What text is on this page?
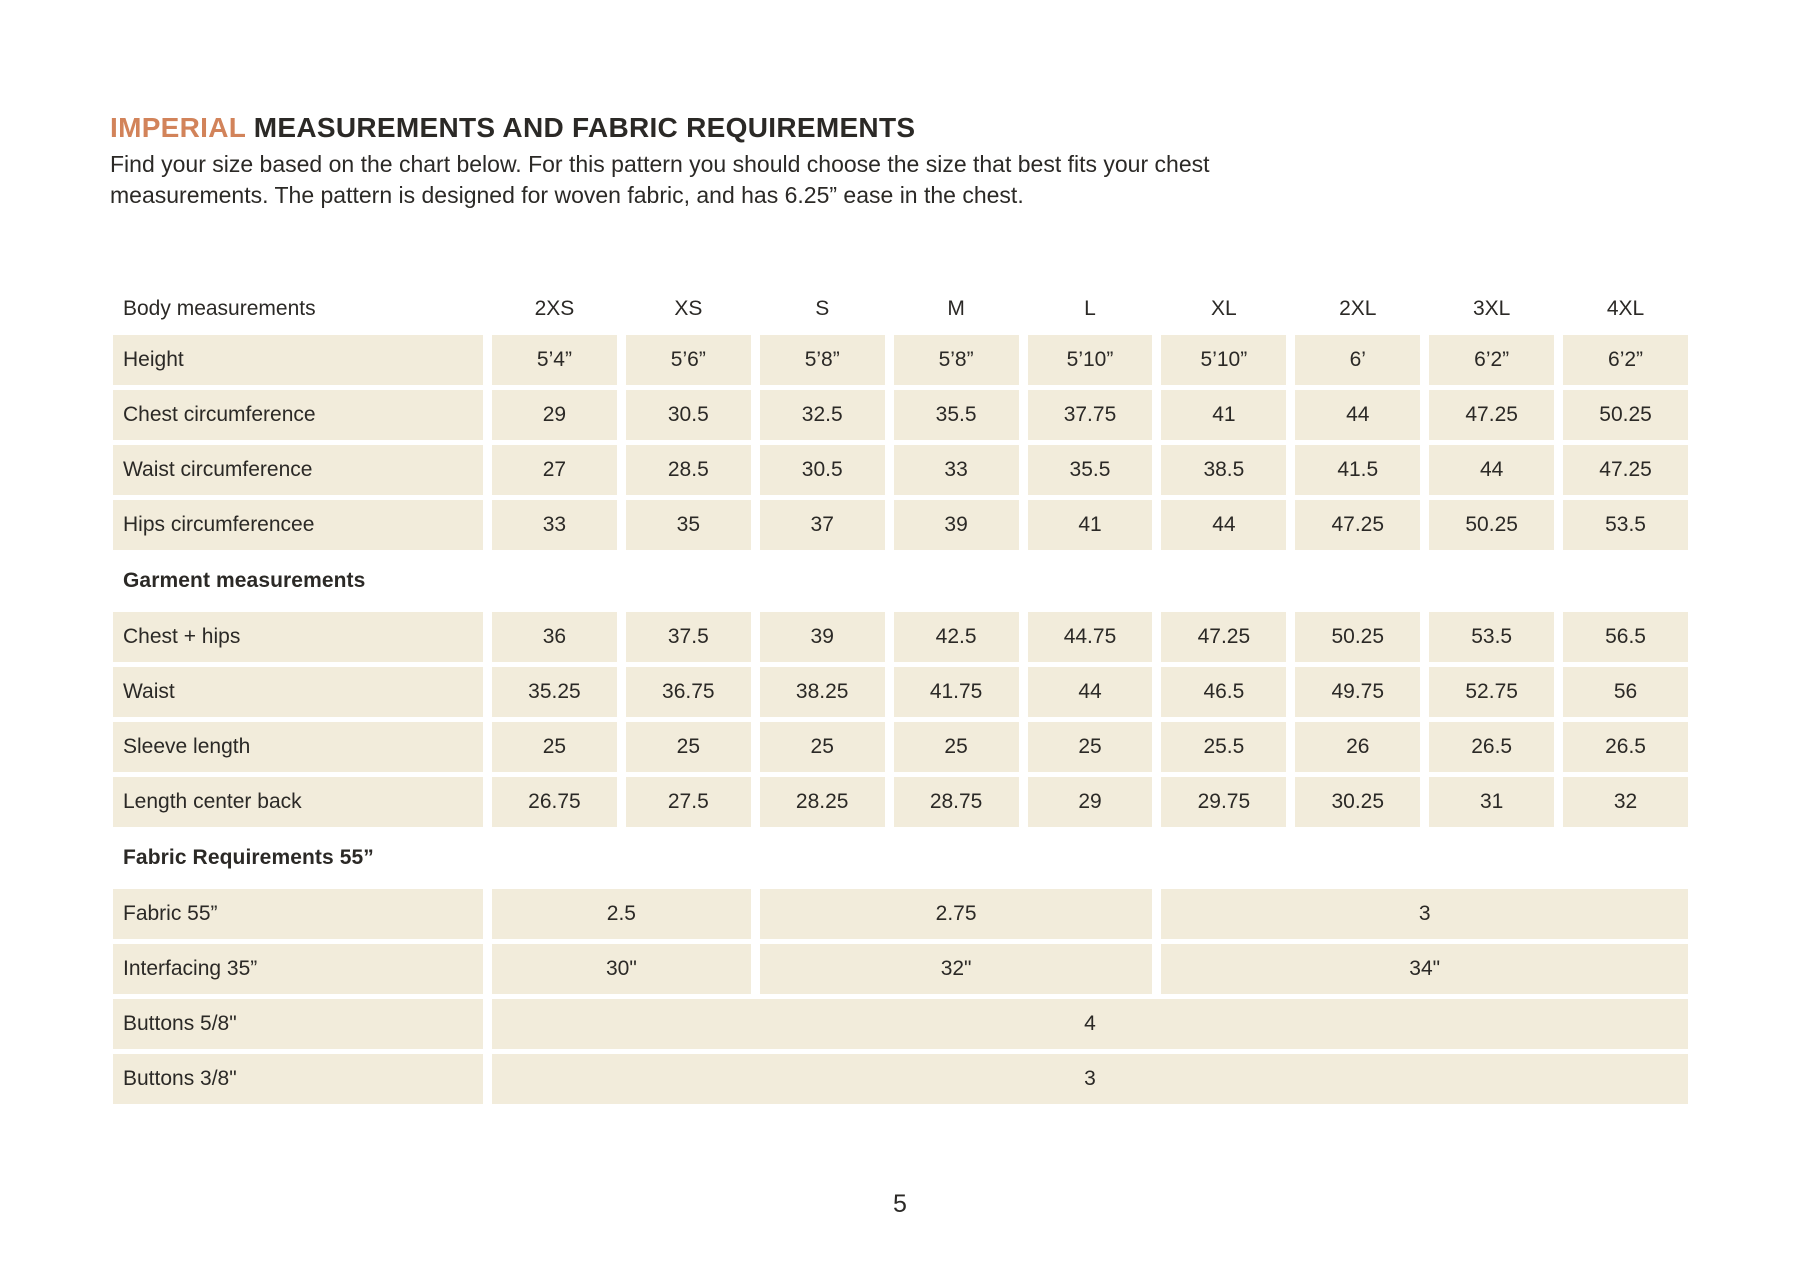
IMPERIAL MEASUREMENTS AND FABRIC REQUIREMENTS
Find your size based on the chart below. For this pattern you should choose the size that best fits your chest
measurements. The pattern is designed for woven fabric, and has 6.25” ease in the chest.
Body measurements	2XS	XS	S	M	L	XL	2XL	3XL	4XL
Height	5’4”	5’6”	5’8”	5’8”	5’10”	5’10”	6’	6’2”	6’2”
Chest circumference	29	30.5	32.5	35.5	37.75	41	44	47.25	50.25
Waist circumference	27	28.5	30.5	33	35.5	38.5	41.5	44	47.25
Hips circumferencee	33	35	37	39	41	44	47.25	50.25	53.5
Garment measurements
Chest + hips	36	37.5	39	42.5	44.75	47.25	50.25	53.5	56.5
Waist	35.25	36.75	38.25	41.75	44	46.5	49.75	52.75	56
Sleeve length	25	25	25	25	25	25.5	26	26.5	26.5
Length center back	26.75	27.5	28.25	28.75	29	29.75	30.25	31	32
Fabric Requirements 55”
Fabric 55”	2.5	2.75	3
Interfacing 35”	30"	32"	34"
Buttons 5/8"	4
Buttons 3/8"	3
5
